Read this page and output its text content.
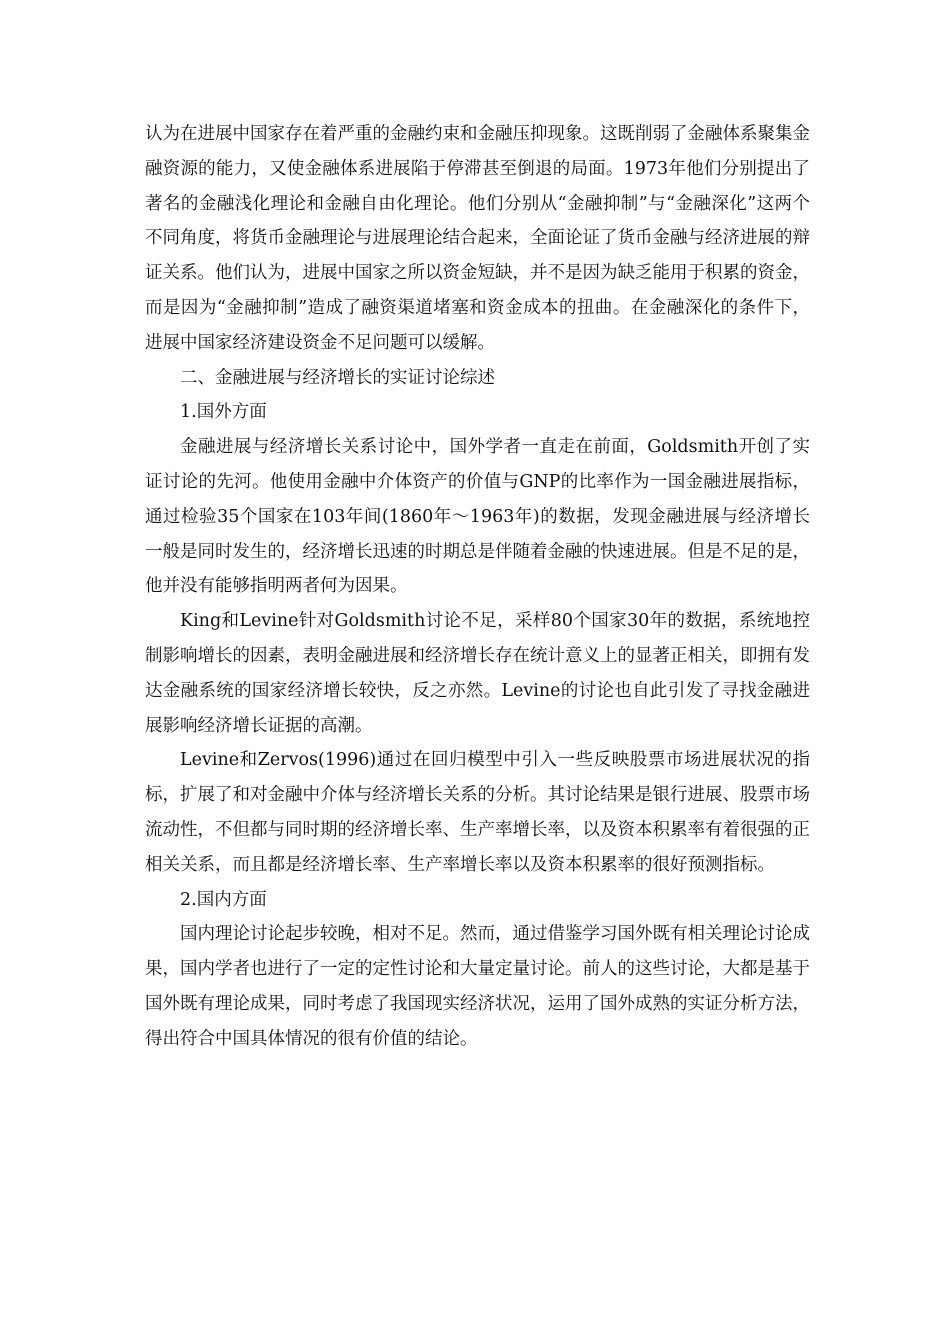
认为在进展中国家存在着严重的金融约束和金融压抑现象。这既削弱了金融体系聚集金融资源的能力，又使金融体系进展陷于停滞甚至倒退的局面。1973年他们分别提出了著名的金融浅化理论和金融自由化理论。他们分别从“金融抑制”与“金融深化”这两个不同角度，将货币金融理论与进展理论结合起来，全面论证了货币金融与经济进展的辩证关系。他们认为，进展中国家之所以资金短缺，并不是因为缺乏能用于积累的资金，而是因为“金融抑制”造成了融资渠道堵塞和资金成本的扭曲。在金融深化的条件下，进展中国家经济建设资金不足问题可以缓解。

二、金融进展与经济增长的实证讨论综述

1.国外方面

金融进展与经济增长关系讨论中，国外学者一直走在前面，Goldsmith开创了实证讨论的先河。他使用金融中介体资产的价值与GNP的比率作为一国金融进展指标，通过检验35个国家在103年间(1860年～1963年)的数据，发现金融进展与经济增长一般是同时发生的，经济增长迅速的时期总是伴随着金融的快速进展。但是不足的是，他并没有能够指明两者何为因果。

King和Levine针对Goldsmith讨论不足，采样80个国家30年的数据，系统地控制影响增长的因素，表明金融进展和经济增长存在统计意义上的显著正相关，即拥有发达金融系统的国家经济增长较快，反之亦然。Levine的讨论也自此引发了寻找金融进展影响经济增长证据的高潮。

Levine和Zervos(1996)通过在回归模型中引入一些反映股票市场进展状况的指标，扩展了和对金融中介体与经济增长关系的分析。其讨论结果是银行进展、股票市场流动性，不但都与同时期的经济增长率、生产率增长率，以及资本积累率有着很强的正相关关系，而且都是经济增长率、生产率增长率以及资本积累率的很好预测指标。

2.国内方面

国内理论讨论起步较晚，相对不足。然而，通过借鉴学习国外既有相关理论讨论成果，国内学者也进行了一定的定性讨论和大量定量讨论。前人的这些讨论，大都是基于国外既有理论成果，同时考虑了我国现实经济状况，运用了国外成熟的实证分析方法，得出符合中国具体情况的很有价值的结论。
